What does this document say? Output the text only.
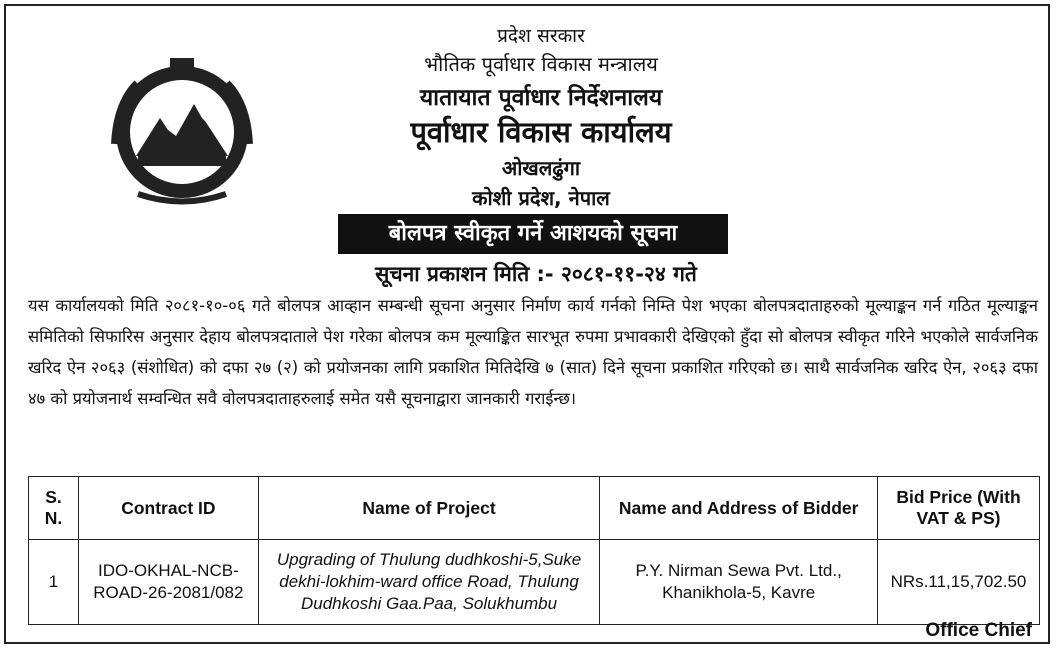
प्रदेश सरकार
भौतिक पूर्वाधार विकास मन्त्रालय
यातायात पूर्वाधार निर्देशनालय
पूर्वाधार विकास कार्यालय
ओखलढुंगा
कोशी प्रदेश, नेपाल
बोलपत्र स्वीकृत गर्ने आशयको सूचना
सूचना प्रकाशन मिति :- २०८१-११-२४ गते
यस कार्यालयको मिति २०८१-१०-०६ गते बोलपत्र आव्हान सम्बन्धी सूचना अनुसार निर्माण कार्य गर्नको निम्ति पेश भएका बोलपत्रदाताहरुको मूल्याङ्कन गर्न गठित मूल्याङ्कन समितिको सिफारिस अनुसार देहाय बोलपत्रदाताले पेश गरेका बोलपत्र कम मूल्याङ्कित सारभूत रुपमा प्रभावकारी देखिएको हुँदा सो बोलपत्र स्वीकृत गरिने भएकोले सार्वजनिक खरिद ऐन २०६३ (संशोधित) को दफा २७ (२) को प्रयोजनका लागि प्रकाशित मितिदेखि ७ (सात) दिने सूचना प्रकाशित गरिएको छ। साथै सार्वजनिक खरिद ऐन, २०६३ दफा ४७ को प्रयोजनार्थ सम्वन्धित सवै वोलपत्रदाताहरुलाई समेत यसै सूचनाद्वारा जानकारी गराईन्छ।
S. N.	Contract ID	Name of Project	Name and Address of Bidder	Bid Price (With VAT & PS)
1	IDO-OKHAL-NCB-ROAD-26-2081/082	Upgrading of Thulung dudhkoshi-5,Suke dekhi-lokhim-ward office Road, Thulung Dudhkoshi Gaa.Paa, Solukhumbu	P.Y. Nirman Sewa Pvt. Ltd., Khanikhola-5, Kavre	NRs.11,15,702.50
Office Chief
